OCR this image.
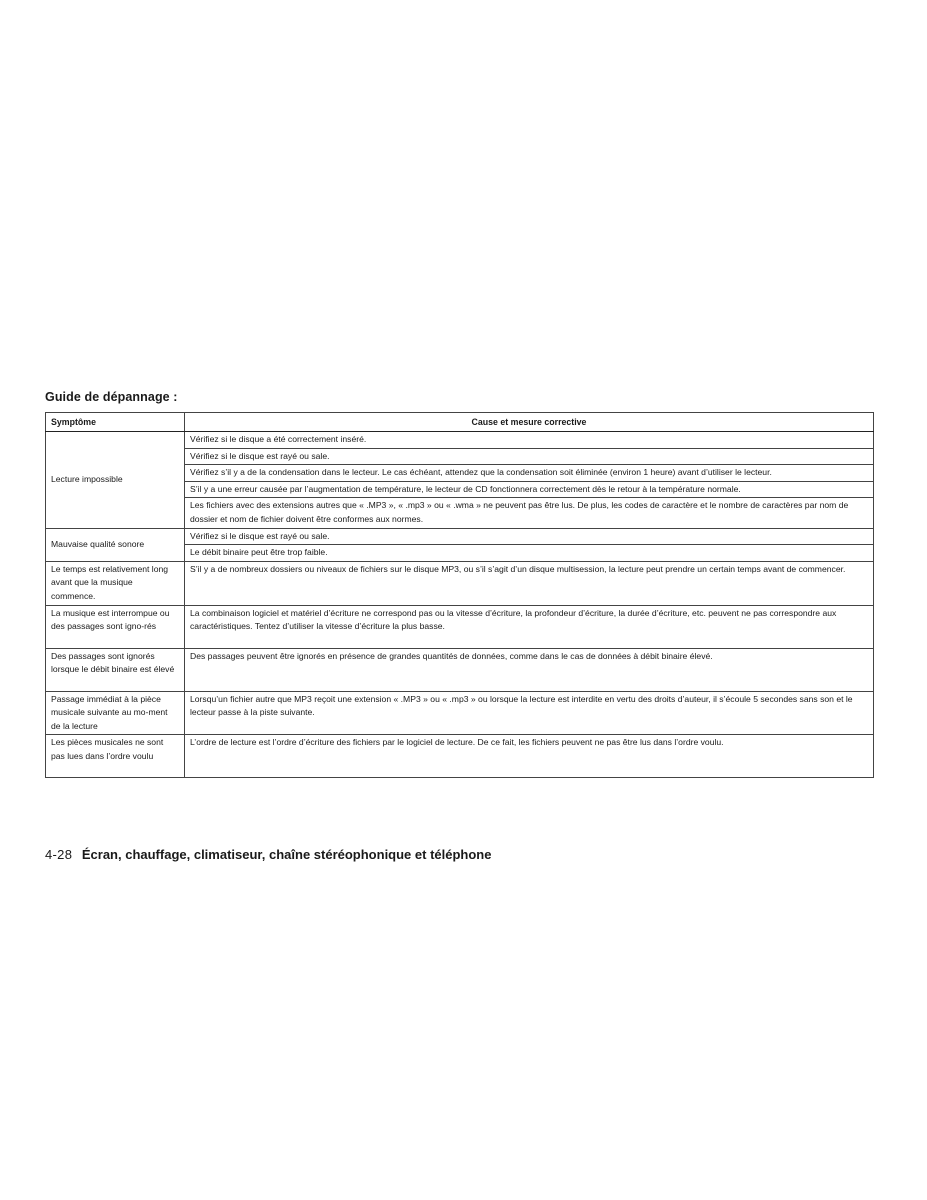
Guide de dépannage :
Symptôme	Cause et mesure corrective
Lecture impossible	Vérifiez si le disque a été correctement inséré.
	Vérifiez si le disque est rayé ou sale.
	Vérifiez s’il y a de la condensation dans le lecteur. Le cas échéant, attendez que la condensation soit éliminée (environ 1 heure) avant d’utiliser le lecteur.
	S’il y a une erreur causée par l’augmentation de température, le lecteur de CD fonctionnera correctement dès le retour à la température normale.
	Les fichiers avec des extensions autres que « .MP3 », « .mp3 » ou « .wma » ne peuvent pas être lus. De plus, les codes de caractère et le nombre de caractères par nom de dossier et nom de fichier doivent être conformes aux normes.
Mauvaise qualité sonore	Vérifiez si le disque est rayé ou sale.
	Le débit binaire peut être trop faible.
Le temps est relativement long avant que la musique commence.	S’il y a de nombreux dossiers ou niveaux de fichiers sur le disque MP3, ou s’il s’agit d’un disque multisession, la lecture peut prendre un certain temps avant de commencer.
La musique est interrompue ou des passages sont igno-rés	La combinaison logiciel et matériel d’écriture ne correspond pas ou la vitesse d’écriture, la profondeur d’écriture, la durée d’écriture, etc. peuvent ne pas correspondre aux caractéristiques. Tentez d’utiliser la vitesse d’écriture la plus basse.
Des passages sont ignorés lorsque le débit binaire est élevé	Des passages peuvent être ignorés en présence de grandes quantités de données, comme dans le cas de données à débit binaire élevé.
Passage immédiat à la pièce musicale suivante au mo-ment de la lecture	Lorsqu’un fichier autre que MP3 reçoit une extension « .MP3 » ou « .mp3 » ou lorsque la lecture est interdite en vertu des droits d’auteur, il s’écoule 5 secondes sans son et le lecteur passe à la piste suivante.
Les pièces musicales ne sont pas lues dans l’ordre voulu	L’ordre de lecture est l’ordre d’écriture des fichiers par le logiciel de lecture. De ce fait, les fichiers peuvent ne pas être lus dans l’ordre voulu.
4-28 Écran, chauffage, climatiseur, chaîne stéréophonique et téléphone
